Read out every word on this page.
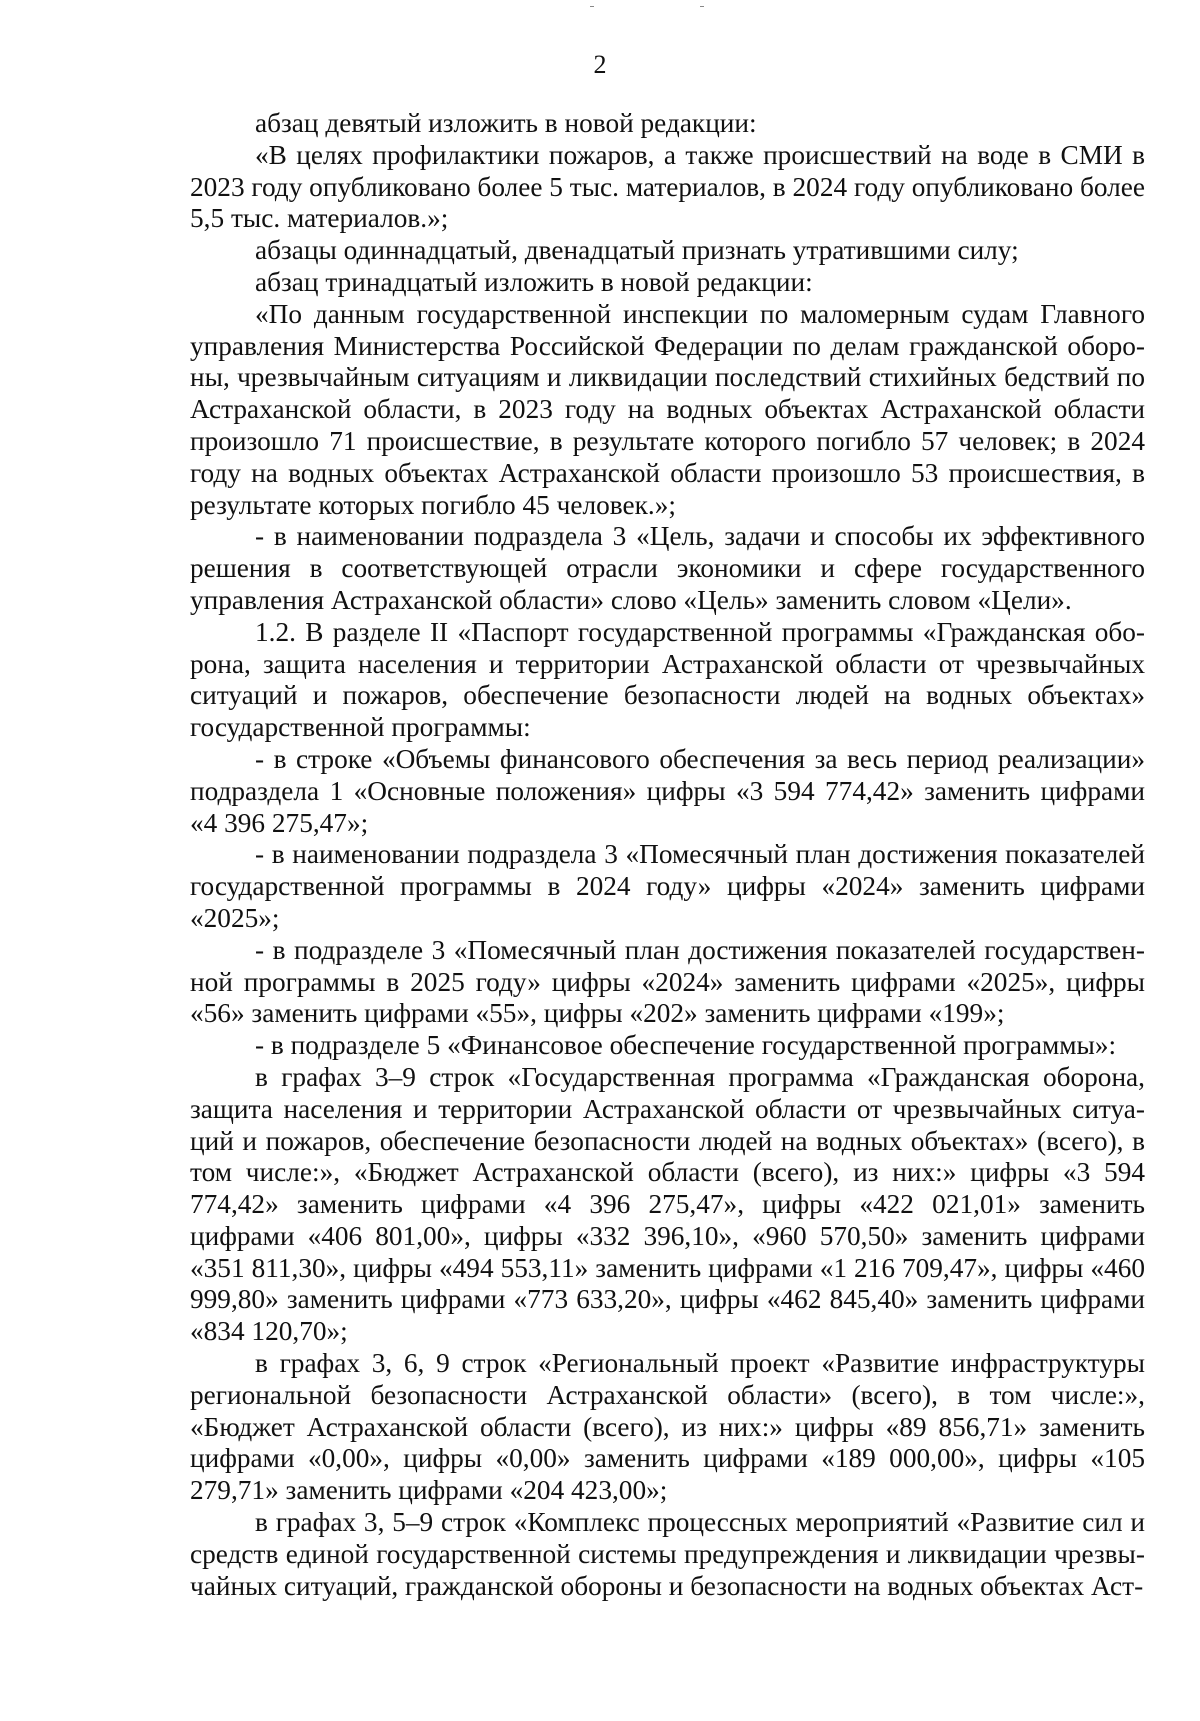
2

абзац девятый изложить в новой редакции:

«В целях профилактики пожаров, а также происшествий на воде в СМИ в 2023 году опубликовано более 5 тыс. материалов, в 2024 году опубликовано более 5,5 тыс. материалов.»;

абзацы одиннадцатый, двенадцатый признать утратившими силу;

абзац тринадцатый изложить в новой редакции:

«По данным государственной инспекции по маломерным судам Главного управления Министерства Российской Федерации по делам гражданской обороны, чрезвычайным ситуациям и ликвидации последствий стихийных бедствий по Астраханской области, в 2023 году на водных объектах Астраханской области произошло 71 происшествие, в результате которого погибло 57 человек; в 2024 году на водных объектах Астраханской области произошло 53 происшествия, в результате которых погибло 45 человек.»;

- в наименовании подраздела 3 «Цель, задачи и способы их эффективного решения в соответствующей отрасли экономики и сфере государственного управления Астраханской области» слово «Цель» заменить словом «Цели».

1.2. В разделе II «Паспорт государственной программы «Гражданская оборона, защита населения и территории Астраханской области от чрезвычайных ситуаций и пожаров, обеспечение безопасности людей на водных объектах» государственной программы:

- в строке «Объемы финансового обеспечения за весь период реализации» подраздела 1 «Основные положения» цифры «3 594 774,42» заменить цифрами «4 396 275,47»;

- в наименовании подраздела 3 «Помесячный план достижения показателей государственной программы в 2024 году» цифры «2024» заменить цифрами «2025»;

- в подразделе 3 «Помесячный план достижения показателей государственной программы в 2025 году» цифры «2024» заменить цифрами «2025», цифры «56» заменить цифрами «55», цифры «202» заменить цифрами «199»;

- в подразделе 5 «Финансовое обеспечение государственной программы»:

в графах 3–9 строк «Государственная программа «Гражданская оборона, защита населения и территории Астраханской области от чрезвычайных ситуаций и пожаров, обеспечение безопасности людей на водных объектах» (всего), в том числе:», «Бюджет Астраханской области (всего), из них:» цифры «3 594 774,42» заменить цифрами «4 396 275,47», цифры «422 021,01» заменить цифрами «406 801,00», цифры «332 396,10», «960 570,50» заменить цифрами «351 811,30», цифры «494 553,11» заменить цифрами «1 216 709,47», цифры «460 999,80» заменить цифрами «773 633,20», цифры «462 845,40» заменить цифрами «834 120,70»;

в графах 3, 6, 9 строк «Региональный проект «Развитие инфраструктуры региональной безопасности Астраханской области» (всего), в том числе:», «Бюджет Астраханской области (всего), из них:» цифры «89 856,71» заменить цифрами «0,00», цифры «0,00» заменить цифрами «189 000,00», цифры «105 279,71» заменить цифрами «204 423,00»;

в графах 3, 5–9 строк «Комплекс процессных мероприятий «Развитие сил и средств единой государственной системы предупреждения и ликвидации чрезвычайных ситуаций, гражданской обороны и безопасности на водных объектах Аст-
